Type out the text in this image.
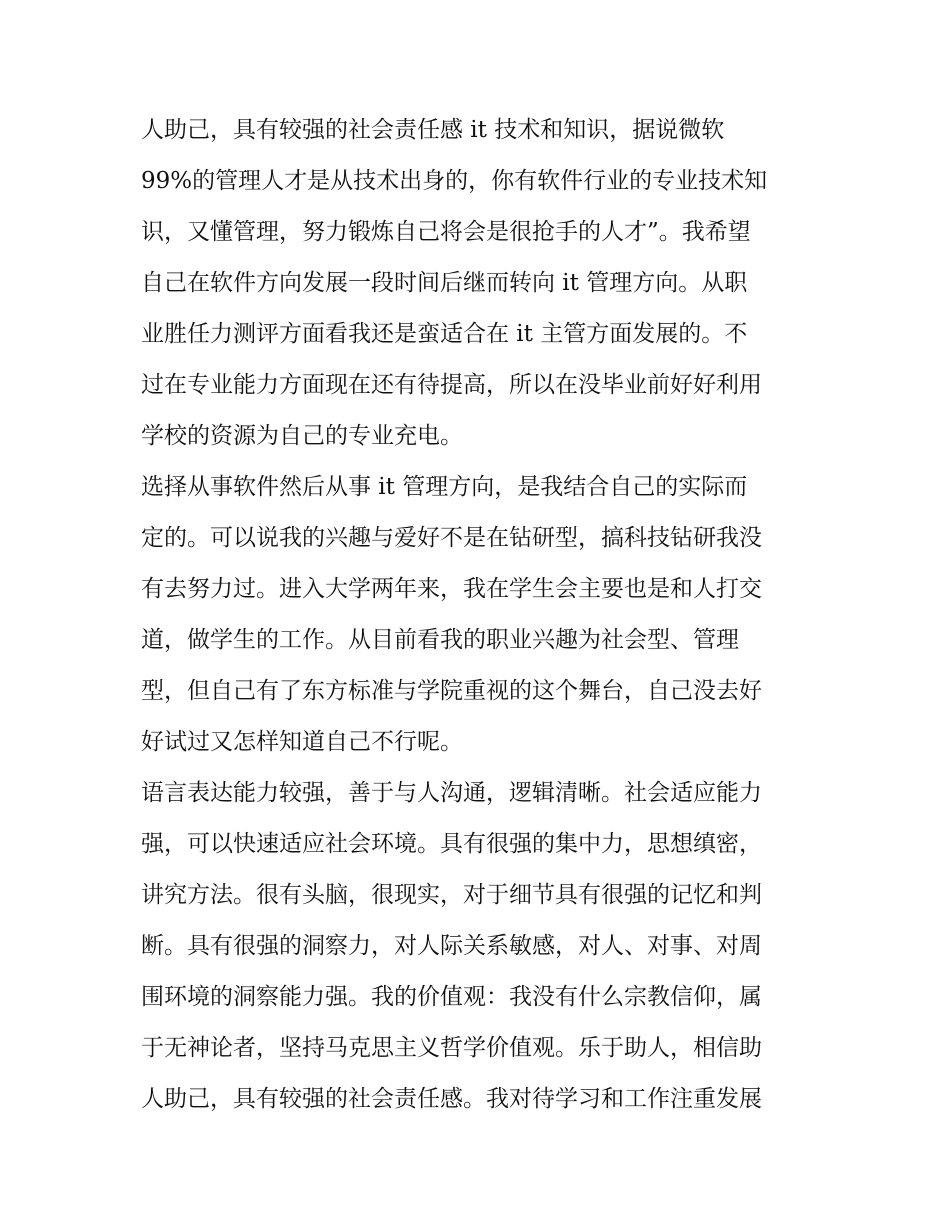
人助己，具有较强的社会责任感 it 技术和知识，据说微软
99%的管理人才是从技术出身的，你有软件行业的专业技术知
识，又懂管理，努力锻炼自己将会是很抢手的人才”。我希望
自己在软件方向发展一段时间后继而转向 it 管理方向。从职
业胜任力测评方面看我还是蛮适合在 it 主管方面发展的。不
过在专业能力方面现在还有待提高，所以在没毕业前好好利用
学校的资源为自己的专业充电。
选择从事软件然后从事 it 管理方向，是我结合自己的实际而
定的。可以说我的兴趣与爱好不是在钻研型，搞科技钻研我没
有去努力过。进入大学两年来，我在学生会主要也是和人打交
道，做学生的工作。从目前看我的职业兴趣为社会型、管理
型，但自己有了东方标准与学院重视的这个舞台，自己没去好
好试过又怎样知道自己不行呢。
语言表达能力较强，善于与人沟通，逻辑清晰。社会适应能力
强，可以快速适应社会环境。具有很强的集中力，思想缜密，
讲究方法。很有头脑，很现实，对于细节具有很强的记忆和判
断。具有很强的洞察力，对人际关系敏感，对人、对事、对周
围环境的洞察能力强。我的价值观：我没有什么宗教信仰，属
于无神论者，坚持马克思主义哲学价值观。乐于助人，相信助
人助己，具有较强的社会责任感。我对待学习和工作注重发展
